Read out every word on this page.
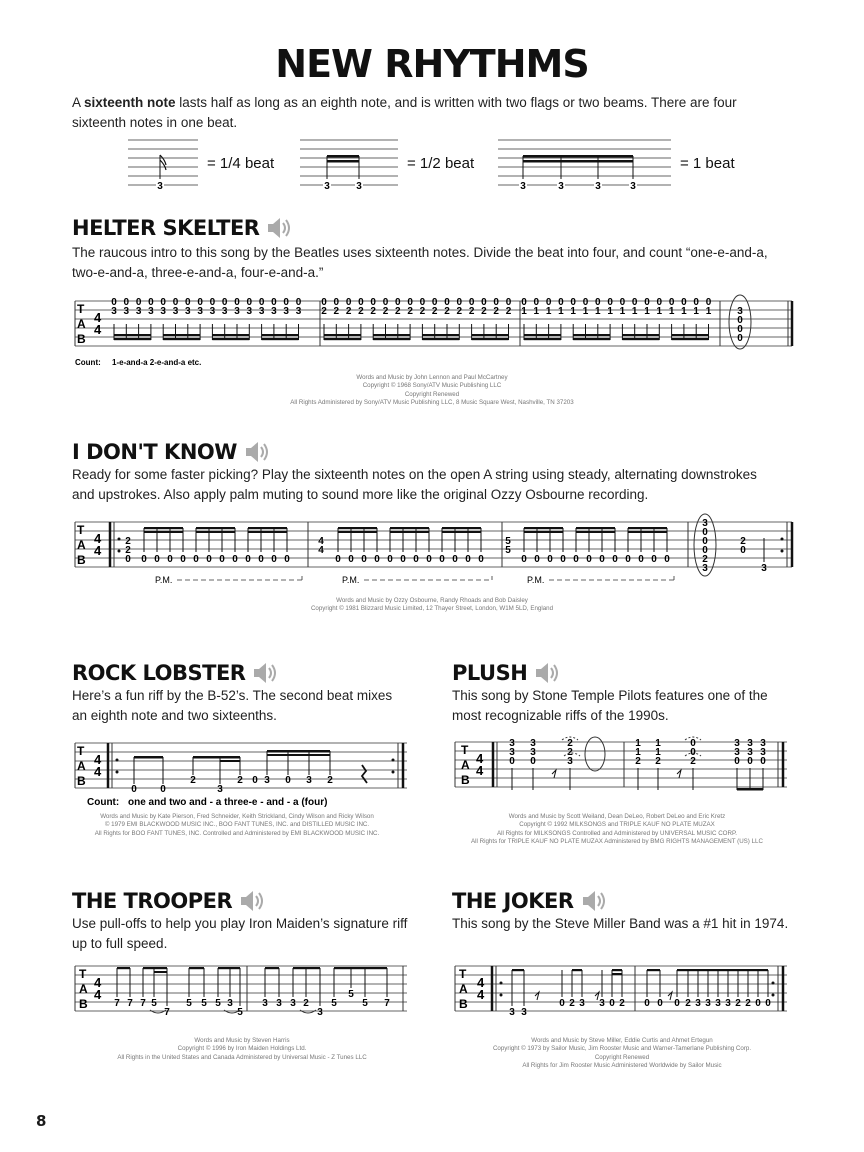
NEW RHYTHMS
A sixteenth note lasts half as long as an eighth note, and is written with two flags or two beams. There are four sixteenth notes in one beat.
3
= 1/4 beat
3	3
= 1/2 beat
3	3	3	3
= 1 beat
HELTER SKELTER
The raucous intro to this song by the Beatles uses sixteenth notes. Divide the beat into four, and count “one-e-and-a, two-e-and-a, three-e-and-a, four-e-and-a.”
T
A
B
4
4
0
3
0
3
0
3
0
3
0
3
0
3
0
3
0
3
0
3
0
3
0
3
0
3
0
3
0
3
0
3
0
3
0
2
0
2
0
2
0
2
0
2
0
2
0
2
0
2
0
2
0
2
0
2
0
2
0
2
0
2
0
2
0
2
0
1
0
1
0
1
0
1
0
1
0
1
0
1
0
1
0
1
0
1
0
1
0
1
0
1
0
1
0
1
0
1	3
0
0
0
Count: 1-e-and-a 2-e-and-a etc.
Words and Music by John Lennon and Paul McCartney
Copyright © 1968 Sony/ATV Music Publishing LLC
Copyright Renewed
All Rights Administered by Sony/ATV Music Publishing LLC, 8 Music Square West, Nashville, TN 37203
I DON'T KNOW
Ready for some faster picking? Play the sixteenth notes on the open A string using steady, alternating downstrokes and upstrokes. Also apply palm muting to sound more like the original Ozzy Osbourne recording.
T
A
B
4
4
2
2
0
4
4
5
5
0 0 0 0 0 0 0 0 0 0 0 0	0 0 0 0 0 0 0 0 0 0 0 0	0 0 0 0 0 0 0 0 0 0 0 0
3
0
0
0
2
3
2
0
3
P.M.	P.M.	P.M.
Words and Music by Ozzy Osbourne, Randy Rhoads and Bob Daisley
Copyright © 1981 Blizzard Music Limited, 12 Thayer Street, London, W1M 5LD, England
ROCK LOBSTER
Here’s a fun riff by the B-52’s. The second beat mixes an eighth note and two sixteenths.
T
A
B
4
4
0 0
2
3
2 0 3 0 3 2
Count: one and two and - a three-e - and - a (four)
Words and Music by Kate Pierson, Fred Schneider, Keith Strickland, Cindy Wilson and Ricky Wilson
© 1979 EMI BLACKWOOD MUSIC INC., BOO FANT TUNES, INC. and DISTILLED MUSIC INC.
All Rights for BOO FANT TUNES, INC. Controlled and Administered by EMI BLACKWOOD MUSIC INC.
PLUSH
This song by Stone Temple Pilots features one of the most recognizable riffs of the 1990s.
T
A
B
4
4
3
3
0
3
3
0
2
2
3
1
1
2
1
1
2
0
0
2
3
3
0
3
3
0
3
3
0
Words and Music by Scott Weiland, Dean DeLeo, Robert DeLeo and Eric Kretz
Copyright © 1992 MILKSONGS and TRIPLE KAUF NO PLATE MUZAX
All Rights for MILKSONGS Controlled and Administered by UNIVERSAL MUSIC CORP.
All Rights for TRIPLE KAUF NO PLATE MUZAX Administered by BMG RIGHTS MANAGEMENT (US) LLC
THE TROOPER
Use pull-offs to help you play Iron Maiden’s signature riff up to full speed.
T
A
B
4
4
7 7 7 5
7
5 5 5 3
5
3 3 3 2
3
5
5
5 7
Words and Music by Steven Harris
Copyright © 1996 by Iron Maiden Holdings Ltd.
All Rights in the United States and Canada Administered by Universal Music - Z Tunes LLC
THE JOKER
This song by the Steve Miller Band was a #1 hit in 1974.
T
A
B
4
4
3 3
0 2 3 3 0 2 0 0 0 2 3 3 3 3 2 2 0 0
Words and Music by Steve Miller, Eddie Curtis and Ahmet Ertegun
Copyright © 1973 by Sailor Music, Jim Rooster Music and Warner-Tamerlane Publishing Corp.
Copyright Renewed
All Rights for Jim Rooster Music Administered Worldwide by Sailor Music
8
